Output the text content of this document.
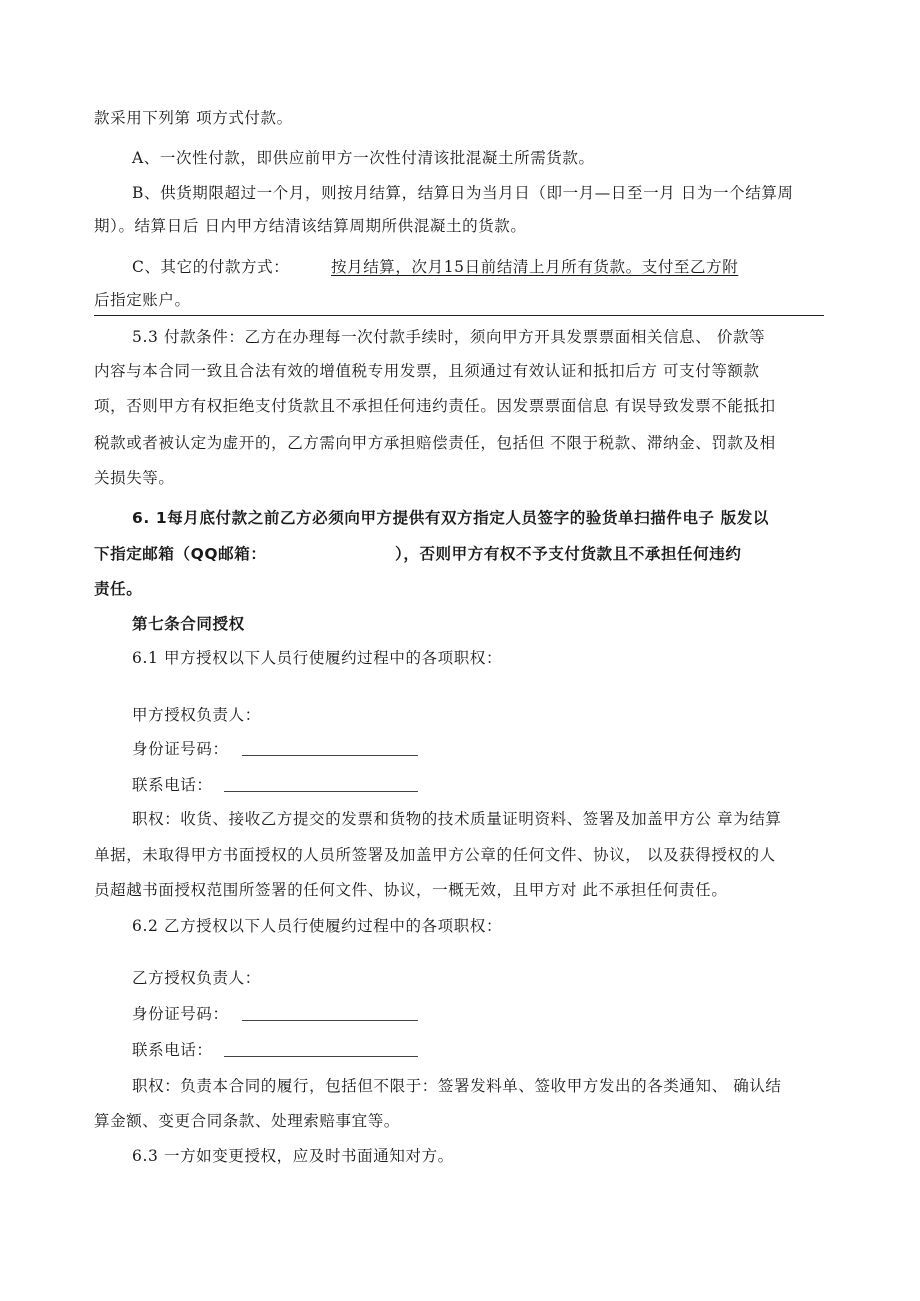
款采用下列第 项方式付款。
A、一次性付款，即供应前甲方一次性付清该批混凝土所需货款。
B、供货期限超过一个月，则按月结算，结算日为当月日（即一月—日至一月 日为一个结算周
期）。结算日后 日内甲方结清该结算周期所供混凝土的货款。
C、其它的付款方式：	按月结算，次月15日前结清上月所有货款。支付至乙方附
后指定账户。
5.3 付款条件：乙方在办理每一次付款手续时，须向甲方开具发票票面相关信息、 价款等
内容与本合同一致且合法有效的增值税专用发票，且须通过有效认证和抵扣后方 可支付等额款
项，否则甲方有权拒绝支付货款且不承担任何违约责任。因发票票面信息 有误导致发票不能抵扣
税款或者被认定为虚开的，乙方需向甲方承担赔偿责任，包括但 不限于税款、滞纳金、罚款及相
关损失等。
6. 1每月底付款之前乙方必须向甲方提供有双方指定人员签字的验货单扫描件电子 版发以
下指定邮箱（QQ邮箱：	），否则甲方有权不予支付货款且不承担任何违约
责任。
第七条合同授权
6.1 甲方授权以下人员行使履约过程中的各项职权：
甲方授权负责人：
身份证号码：
联系电话：
职权：收货、接收乙方提交的发票和货物的技术质量证明资料、签署及加盖甲方公 章为结算
单据，未取得甲方书面授权的人员所签署及加盖甲方公章的任何文件、协议， 以及获得授权的人
员超越书面授权范围所签署的任何文件、协议，一概无效，且甲方对 此不承担任何责任。
6.2 乙方授权以下人员行使履约过程中的各项职权：
乙方授权负责人：
身份证号码：
联系电话：
职权：负责本合同的履行，包括但不限于：签署发料单、签收甲方发出的各类通知、 确认结
算金额、变更合同条款、处理索赔事宜等。
6.3 一方如变更授权，应及时书面通知对方。
